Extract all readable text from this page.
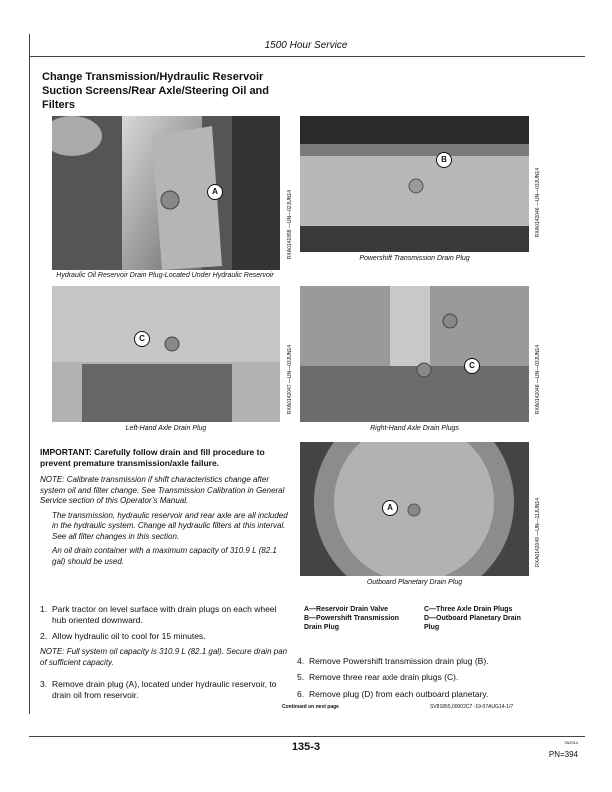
1500 Hour Service
Change Transmission/Hydraulic Reservoir Suction Screens/Rear Axle/Steering Oil and Filters
A	RXA0141858 —UN—02JUN14
Hydraulic Oil Reservoir Drain Plug-Located Under Hydraulic Reservoir
B
RXA0142046 —UN—03JUN14
Powershift Transmission Drain Plug
C
RXA0142047 —UN—03JUN14
Left-Hand Axle Drain Plug
C	RXA0142048 —UN—03JUN14
Right-Hand Axle Drain Plugs
A	RXA0142049 —UN—11JUN14
Outboard Planetary Drain Plug
IMPORTANT: Carefully follow drain and fill procedure to prevent premature transmission/axle failure.
NOTE: Calibrate transmission if shift characteristics change after system oil and filter change. See Transmission Calibration in General Service section of this Operator’s Manual.
The transmission, hydraulic reservoir and rear axle are all included in the hydraulic system. Change all hydraulic filters at this interval. See all filter changes in this section.
An oil drain container with a maximum capacity of 310.9 L (82.1 gal) should be used.
1. Park tractor on level surface with drain plugs on each wheel hub oriented downward.
2. Allow hydraulic oil to cool for 15 minutes.
NOTE: Full system oil capacity is 310.9 L (82.1 gal). Secure drain pan of sufficient capacity.
3. Remove drain plug (A), located under hydraulic reservoir, to drain oil from reservoir.
A—Reservoir Drain Valve
B—Powershift Transmission Drain Plug
C—Three Axle Drain Plugs
D—Outboard Planetary Drain Plug
4. Remove Powershift transmission drain plug (B).
5. Remove three rear axle drain plugs (C).
6. Remove plug (D) from each outboard planetary.
Continued on next page	SV81855,00002C7 -19-07AUG14-1/7
135-3	052914
PN=394
